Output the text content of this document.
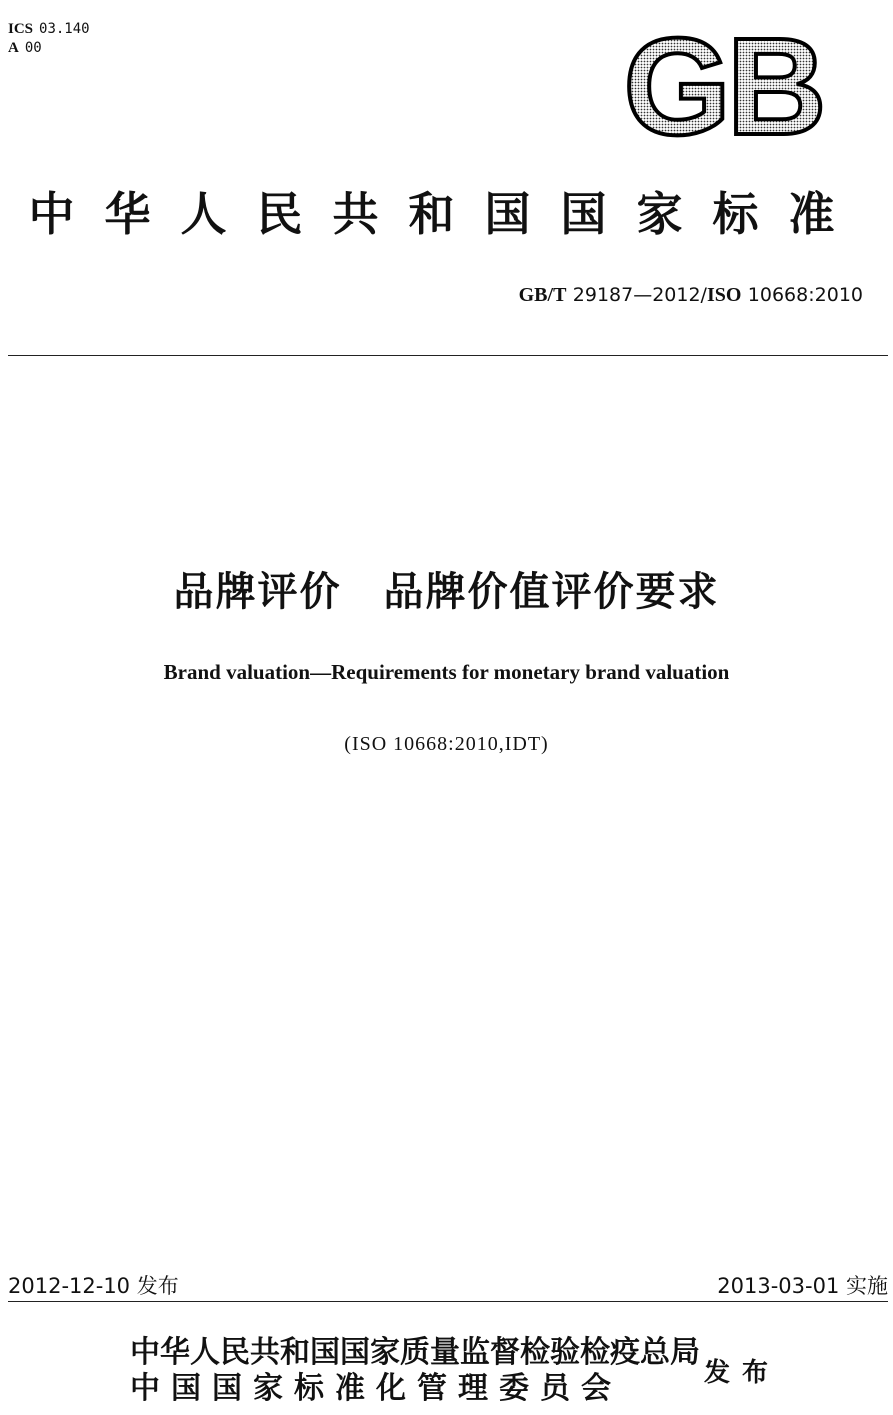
ICS 03.140
A 00	GB
中华人民共和国国家标准
GB/T 29187—2012/ISO 10668:2010
品牌评价　品牌价值评价要求
Brand valuation—Requirements for monetary brand valuation
(ISO 10668:2010,IDT)
2012-12-10 发布	2013-03-01 实施
中华人民共和国国家质量监督检验检疫总局
中国国家标准化管理委员会	发布
